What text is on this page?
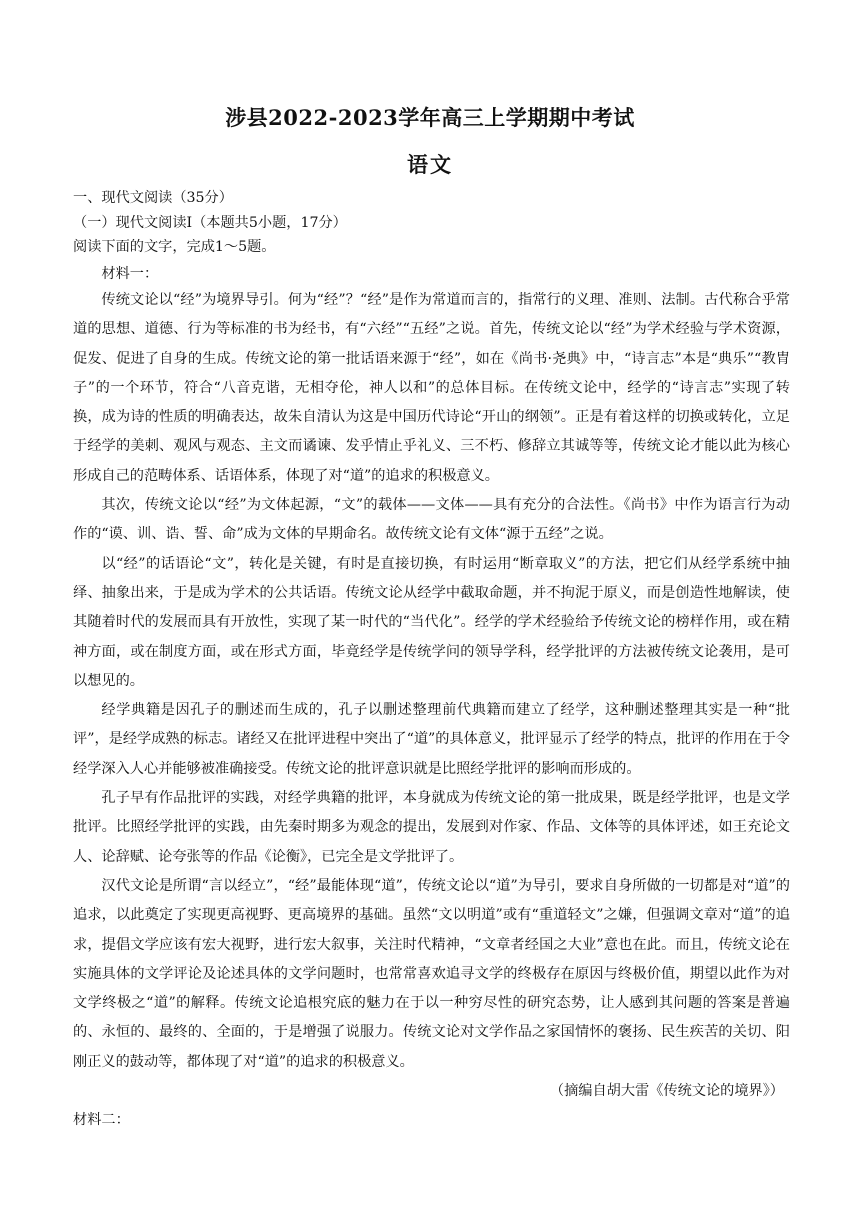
涉县2022-2023学年高三上学期期中考试
语文

一、现代文阅读（35分）

（一）现代文阅读Ⅰ（本题共5小题，17分）

阅读下面的文字，完成1～5题。

材料一：

传统文论以“经”为境界导引。何为“经”？“经”是作为常道而言的，指常行的义理、准则、法制。古代称合乎常道的思想、道德、行为等标准的书为经书，有“六经”“五经”之说。首先，传统文论以“经”为学术经验与学术资源，促发、促进了自身的生成。传统文论的第一批话语来源于“经”，如在《尚书·尧典》中，“诗言志”本是“典乐”“教胄子”的一个环节，符合“八音克谐，无相夺伦，神人以和”的总体目标。在传统文论中，经学的“诗言志”实现了转换，成为诗的性质的明确表达，故朱自清认为这是中国历代诗论“开山的纲领”。正是有着这样的切换或转化，立足于经学的美刺、观风与观态、主文而谲谏、发乎情止乎礼义、三不朽、修辞立其诚等等，传统文论才能以此为核心形成自己的范畴体系、话语体系，体现了对“道”的追求的积极意义。

其次，传统文论以“经”为文体起源，“文”的载体——文体——具有充分的合法性。《尚书》中作为语言行为动作的“谟、训、诰、誓、命”成为文体的早期命名。故传统文论有文体“源于五经”之说。

以“经”的话语论“文”，转化是关键，有时是直接切换，有时运用“断章取义”的方法，把它们从经学系统中抽绎、抽象出来，于是成为学术的公共话语。传统文论从经学中截取命题，并不拘泥于原义，而是创造性地解读，使其随着时代的发展而具有开放性，实现了某一时代的“当代化”。经学的学术经验给予传统文论的榜样作用，或在精神方面，或在制度方面，或在形式方面，毕竟经学是传统学问的领导学科，经学批评的方法被传统文论袭用，是可以想见的。

经学典籍是因孔子的删述而生成的，孔子以删述整理前代典籍而建立了经学，这种删述整理其实是一种“批评”，是经学成熟的标志。诸经又在批评进程中突出了“道”的具体意义，批评显示了经学的特点，批评的作用在于令经学深入人心并能够被准确接受。传统文论的批评意识就是比照经学批评的影响而形成的。

孔子早有作品批评的实践，对经学典籍的批评，本身就成为传统文论的第一批成果，既是经学批评，也是文学批评。比照经学批评的实践，由先秦时期多为观念的提出，发展到对作家、作品、文体等的具体评述，如王充论文人、论辞赋、论夸张等的作品《论衡》，已完全是文学批评了。

汉代文论是所谓“言以经立”，“经”最能体现“道”，传统文论以“道”为导引，要求自身所做的一切都是对“道”的追求，以此奠定了实现更高视野、更高境界的基础。虽然“文以明道”或有“重道轻文”之嫌，但强调文章对“道”的追求，提倡文学应该有宏大视野，进行宏大叙事，关注时代精神，“文章者经国之大业”意也在此。而且，传统文论在实施具体的文学评论及论述具体的文学问题时，也常常喜欢追寻文学的终极存在原因与终极价值，期望以此作为对文学终极之“道”的解释。传统文论追根究底的魅力在于以一种穷尽性的研究态势，让人感到其问题的答案是普遍的、永恒的、最终的、全面的，于是增强了说服力。传统文论对文学作品之家国情怀的褒扬、民生疾苦的关切、阳刚正义的鼓动等，都体现了对“道”的追求的积极意义。

（摘编自胡大雷《传统文论的境界》）

材料二：
